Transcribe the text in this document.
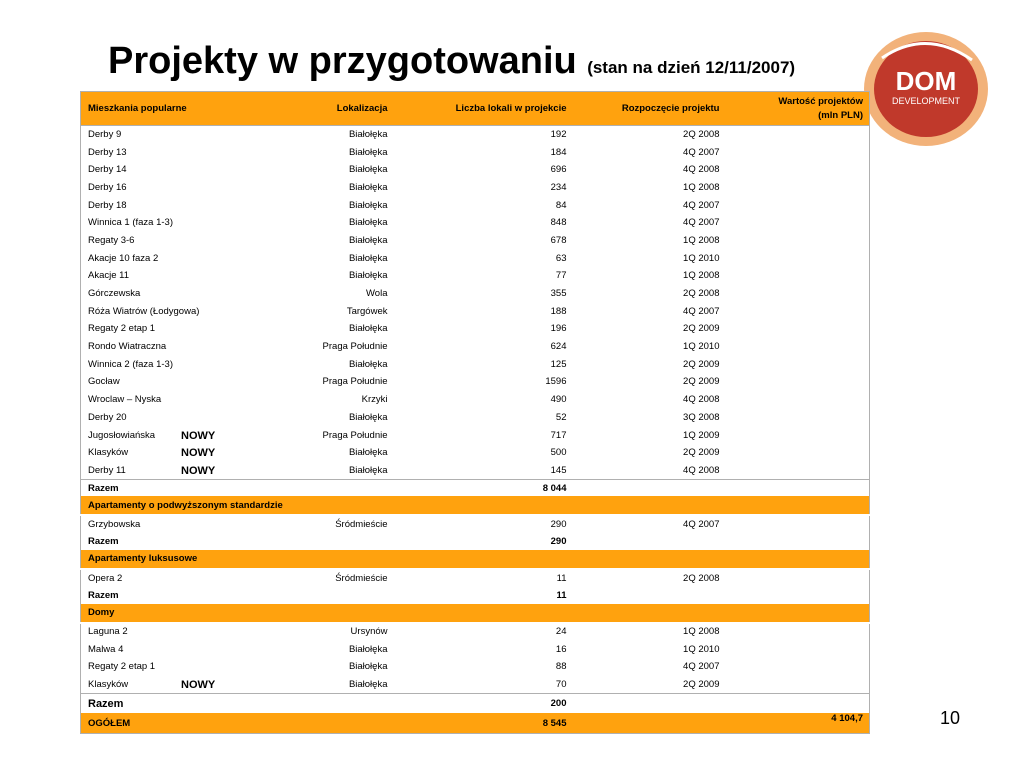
Projekty w przygotowaniu (stan na dzień 12/11/2007)	DOM
DEVELOPMENT
Mieszkania popularne	Lokalizacja	Liczba lokali w projekcie	Rozpoczęcie projektu	Wartość projektów
(mln PLN)

Derby 9	Białołęka	192	2Q 2008	
Derby 13	Białołęka	184	4Q 2007	
Derby 14	Białołęka	696	4Q 2008	
Derby 16	Białołęka	234	1Q 2008	
Derby 18	Białołęka	84	4Q 2007	
Winnica 1 (faza 1-3)	Białołęka	848	4Q 2007	
Regaty 3-6	Białołęka	678	1Q 2008	
Akacje 10 faza 2	Białołęka	63	1Q 2010	
Akacje 11	Białołęka	77	1Q 2008	
Górczewska	Wola	355	2Q 2008	
Róża Wiatrów (Łodygowa)	Targówek	188	4Q 2007	
Regaty 2 etap 1	Białołęka	196	2Q 2009	
Rondo Wiatraczna	Praga Południe	624	1Q 2010	
Winnica 2 (faza 1-3)	Białołęka	125	2Q 2009	
Gocław	Praga Południe	1596	2Q 2009	
Wroclaw – Nyska	Krzyki	490	4Q 2008	
Derby 20	Białołęka	52	3Q 2008	
Jugosłowiańska NOWY	Praga Południe	717	1Q 2009	
Klasyków NOWY	Białołęka	500	2Q 2009	
Derby 11 NOWY	Białołęka	145	4Q 2008	
Razem		8 044		
Apartamenty o podwyższonym standardzie				
Grzybowska	Śródmieście	290	4Q 2007	
Razem		290		
Apartamenty luksusowe				
Opera 2	Śródmieście	11	2Q 2008	
Razem		11		
Domy				
Laguna 2	Ursynów	24	1Q 2008	
Malwa 4	Białołęka	16	1Q 2010	
Regaty 2 etap 1	Białołęka	88	4Q 2007	
Klasyków NOWY	Białołęka	70	2Q 2009	
Razem		200		
OGÓŁEM		8 545		4 104,7	10
